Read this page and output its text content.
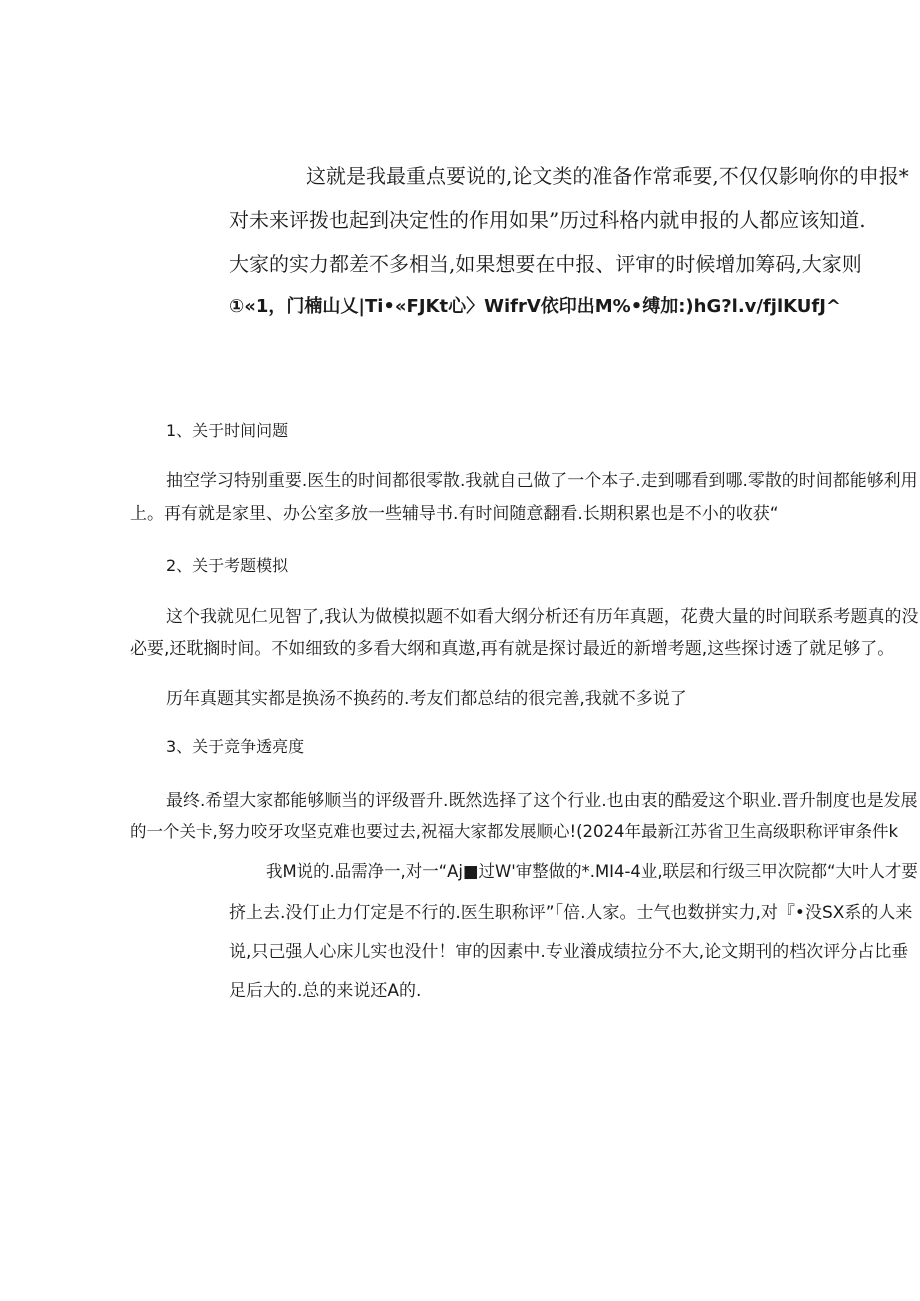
这就是我最重点要说的,论文类的准备作常乖要,不仅仅影响你的申报*

对未来评拨也起到决定性的作用如果”历过科格内就申报的人都应该知道.

大家的实力都差不多相当,如果想要在中报、评审的时候增加筹码,大家则

①«1，门楠山乂|Ti•«FJKt心〉WifrV依印出M%•缚加:)hG?l.v/fjlKUfJ^

1、关于时间问题

抽空学习特别重要.医生的时间都很零散.我就自己做了一个本子.走到哪看到哪.零散的时间都能够利用

上。再有就是家里、办公室多放一些辅导书.有时间随意翻看.长期积累也是不小的收获“

2、关于考题模拟

这个我就见仁见智了,我认为做模拟题不如看大纲分析还有历年真题，花费大量的时间联系考题真的没

必要,还耽搁时间。不如细致的多看大纲和真遨,再有就是探讨最近的新增考题,这些探讨透了就足够了。

历年真题其实都是换汤不换药的.考友们都总结的很完善,我就不多说了

3、关于竞争透亮度

最终.希望大家都能够顺当的评级晋升.既然选择了这个行业.也由衷的酷爱这个职业.晋升制度也是发展

的一个关卡,努力咬牙攻坚克难也要过去,祝福大家都发展顺心!(2024年最新江苏省卫生高级职称评审条件k

我M说的.品需净一,对一“Aj■过W'审整做的*.MI4-4业,联层和行级三甲次院都“大叶人才要

挤上去.没仃止力仃定是不行的.医生职称评”「倍.人家。士气也数拼实力,对『•没SX系的人来

说,只己强人心床儿实也没什！审的因素中.专业瀁成绩拉分不大,论文期刊的档次评分占比垂

足后大的.总的来说还A的.
